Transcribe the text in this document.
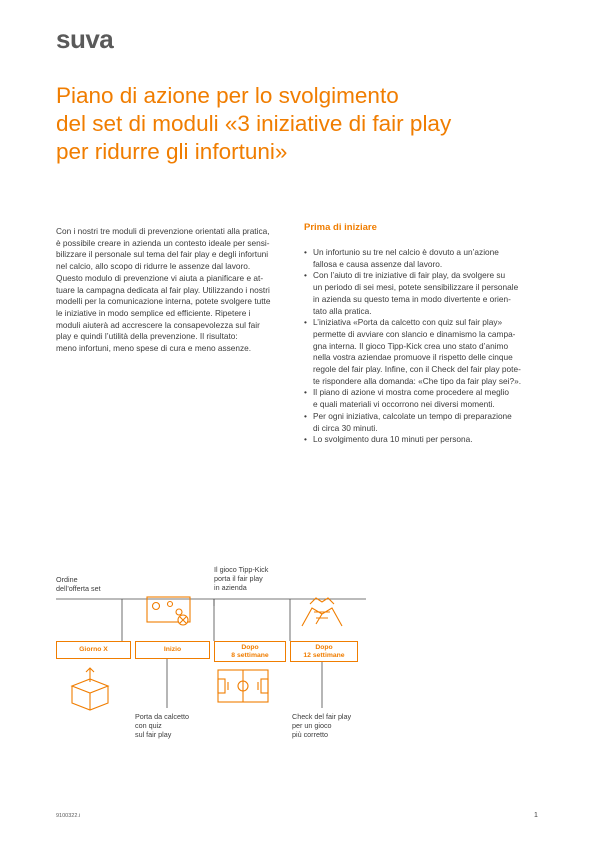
suva
Piano di azione per lo svolgimento
del set di moduli «3 iniziative di fair play
per ridurre gli infortuni»

Con i nostri tre moduli di prevenzione orientati alla pratica,
è possibile creare in azienda un contesto ideale per sensi-
bilizzare il personale sul tema del fair play e degli infortuni
nel calcio, allo scopo di ridurre le assenze dal lavoro.
Questo modulo di prevenzione vi aiuta a pianificare e at-
tuare la campagna dedicata al fair play. Utilizzando i nostri
modelli per la comunicazione interna, potete svolgere tutte
le iniziative in modo semplice ed efficiente. Ripetere i
moduli aiuterà ad accrescere la consapevolezza sul fair
play e quindi l’utilità della prevenzione. Il risultato:
meno infortuni, meno spese di cura e meno assenze.

Prima di iniziare
• Un infortunio su tre nel calcio è dovuto a un’azione
fallosa e causa assenze dal lavoro.
• Con l’aiuto di tre iniziative di fair play, da svolgere su
un periodo di sei mesi, potete sensibilizzare il personale
in azienda su questo tema in modo divertente e orien-
tato alla pratica.
• L’iniziativa «Porta da calcetto con quiz sul fair play»
permette di avviare con slancio e dinamismo la campa-
gna interna. Il gioco Tipp-Kick crea uno stato d’animo
nella vostra aziendae promuove il rispetto delle cinque
regole del fair play. Infine, con il Check del fair play pote-
te rispondere alla domanda: «Che tipo da fair play sei?».
• Il piano di azione vi mostra come procedere al meglio
e quali materiali vi occorrono nei diversi momenti.
• Per ogni iniziativa, calcolate un tempo di preparazione
di circa 30 minuti.
• Lo svolgimento dura 10 minuti per persona.
Ordine
dell’offerta set
Il gioco Tipp-Kick
porta il fair play
in azienda
Giorno X	Inizio	Dopo
8 settimane
Dopo
12 settimane
Porta da calcetto
con quiz
sul fair play
Check del fair play
per un gioco
più corretto
9100322.i	1
